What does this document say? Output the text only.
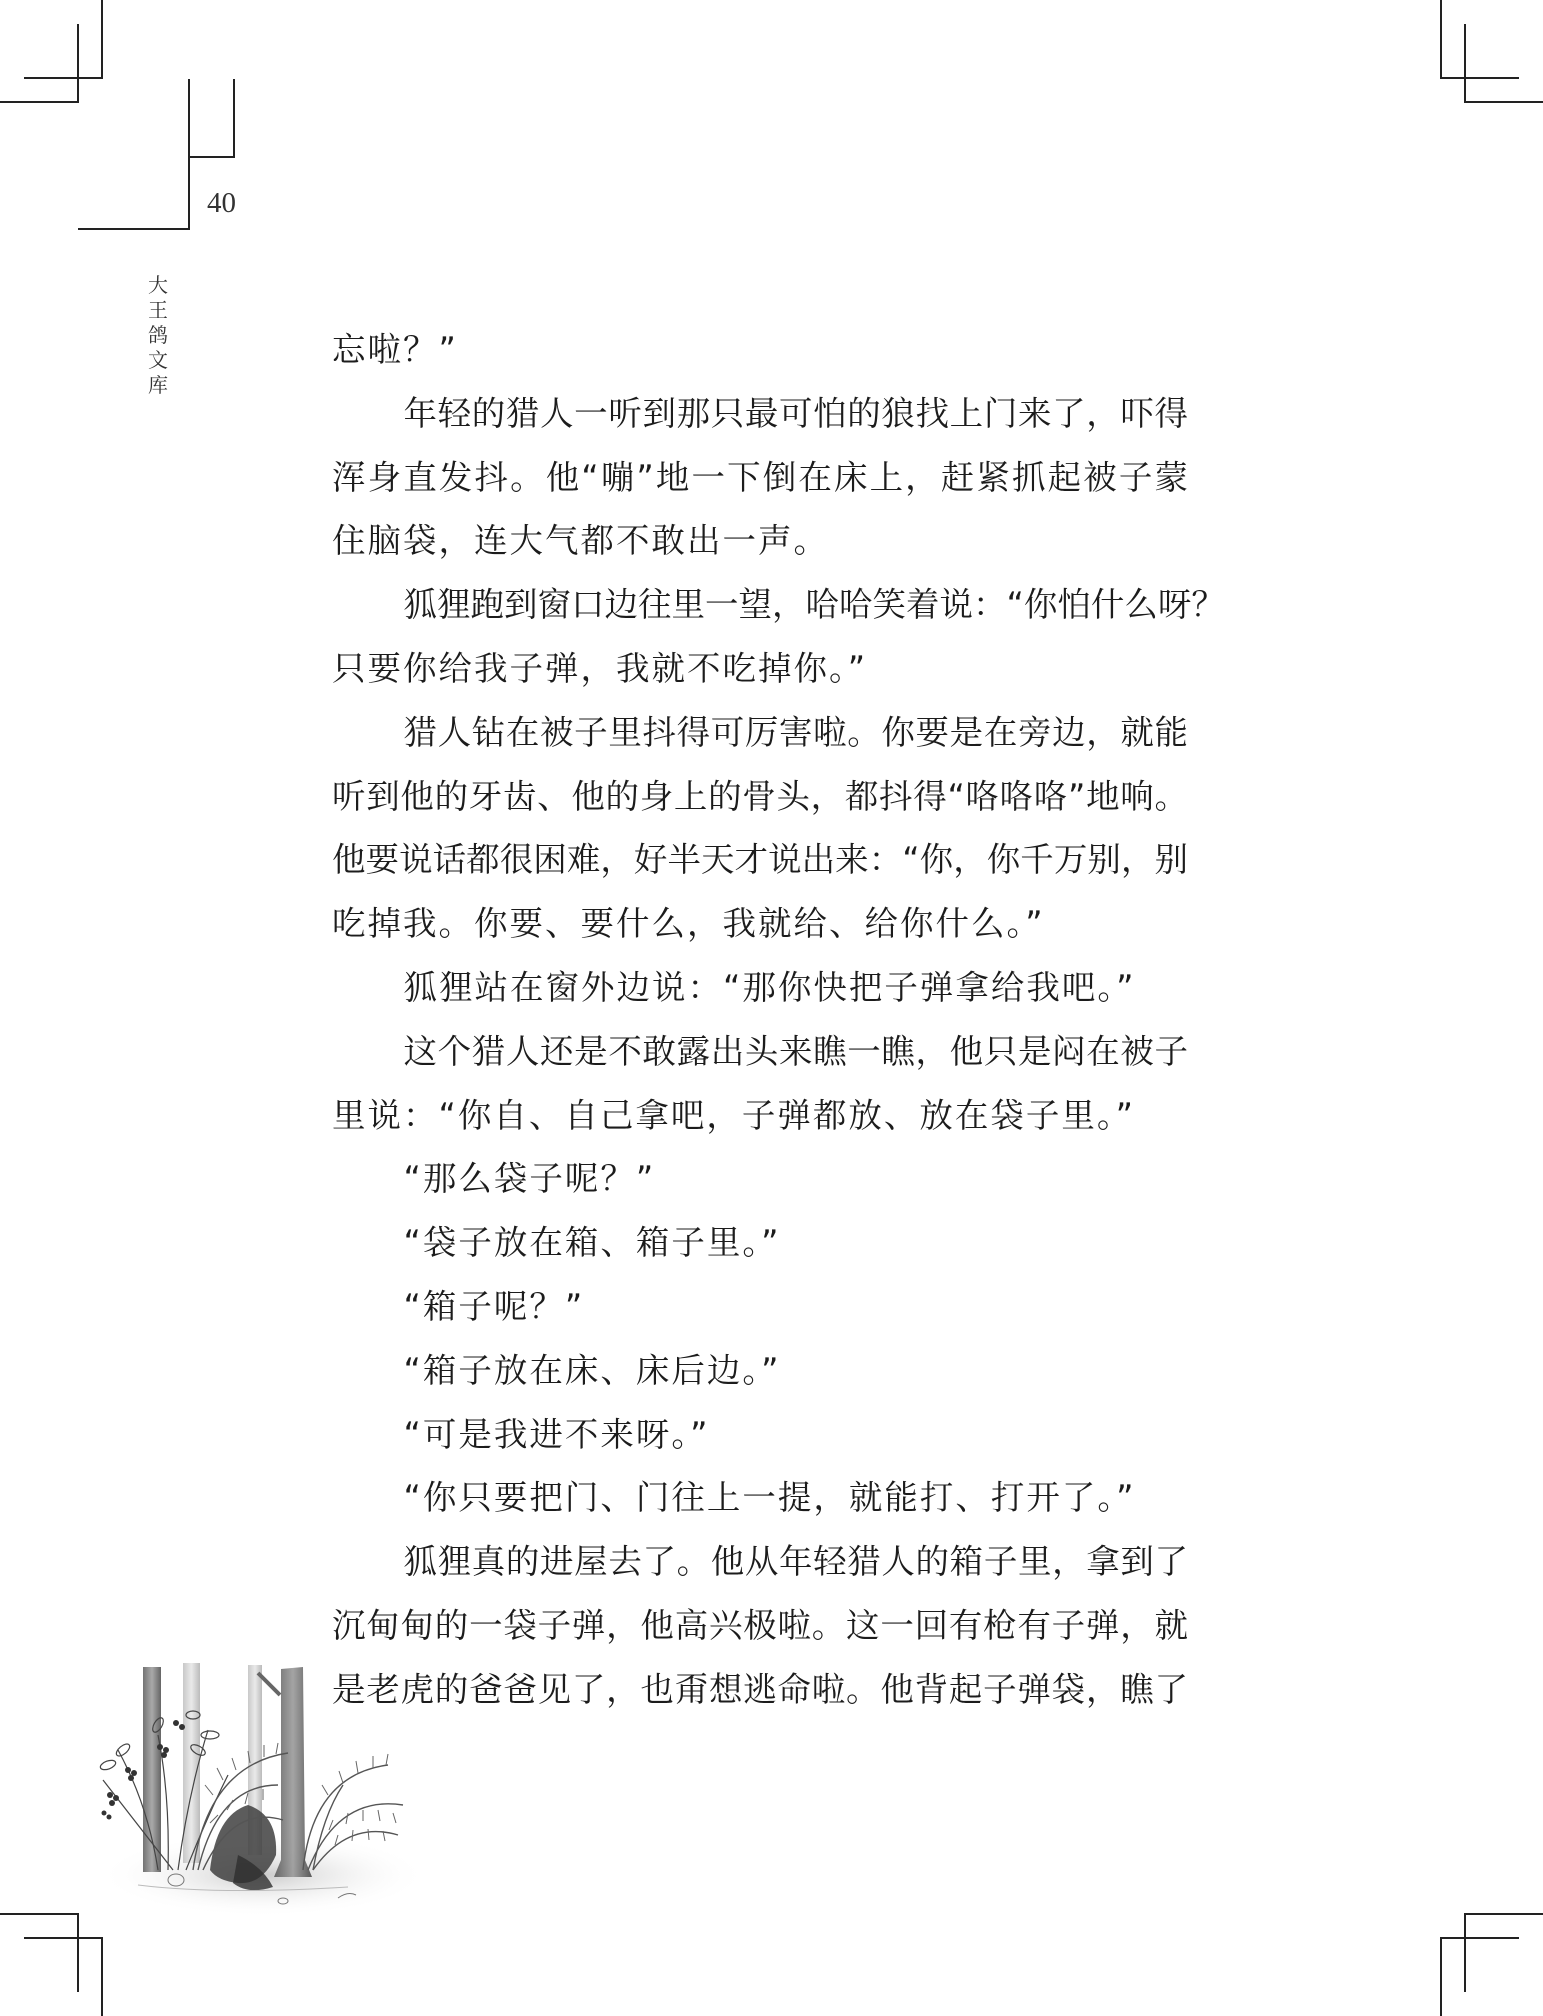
40
大王鸽文库
忘啦？”
年轻的猎人一听到那只最可怕的狼找上门来了，吓得
浑身直发抖。他“嘣”地一下倒在床上，赶紧抓起被子蒙
住脑袋，连大气都不敢出一声。
狐狸跑到窗口边往里一望，哈哈笑着说：“你怕什么呀？
只要你给我子弹，我就不吃掉你。”
猎人钻在被子里抖得可厉害啦。你要是在旁边，就能
听到他的牙齿、他的身上的骨头，都抖得“咯咯咯”地响。
他要说话都很困难，好半天才说出来：“你，你千万别，别
吃掉我。你要、要什么，我就给、给你什么。”
狐狸站在窗外边说：“那你快把子弹拿给我吧。”
这个猎人还是不敢露出头来瞧一瞧，他只是闷在被子
里说：“你自、自己拿吧，子弹都放、放在袋子里。”
“那么袋子呢？”
“袋子放在箱、箱子里。”
“箱子呢？”
“箱子放在床、床后边。”
“可是我进不来呀。”
“你只要把门、门往上一提，就能打、打开了。”
狐狸真的进屋去了。他从年轻猎人的箱子里，拿到了
沉甸甸的一袋子弹，他高兴极啦。这一回有枪有子弹，就
是老虎的爸爸见了，也甭想逃命啦。他背起子弹袋，瞧了
